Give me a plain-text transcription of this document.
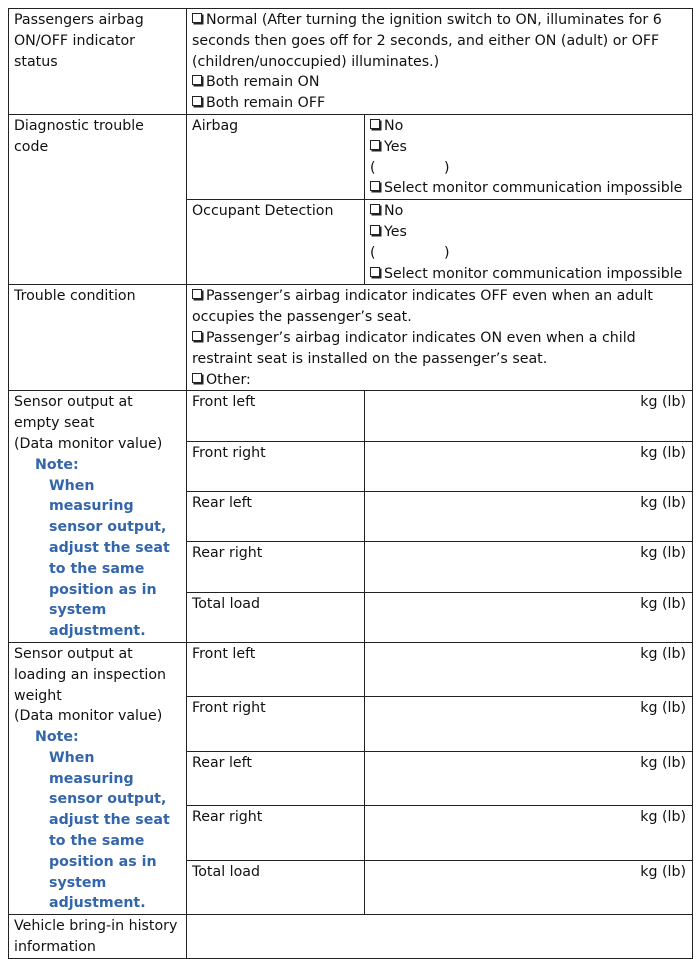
Passengers airbag ON/OFF indicator status	Normal (After turning the ignition switch to ON, illuminates for 6 seconds then goes off for 2 seconds, and either ON (adult) or OFF (children/unoccupied) illuminates.)
Both remain ON
Both remain OFF	

Diagnostic trouble code	Airbag	No
Yes
( )
Select monitor communication impossible

	Occupant Detection	No
Yes
( )
Select monitor communication impossible

Trouble condition	Passenger’s airbag indicator indicates OFF even when an adult occupies the passenger’s seat.
Passenger’s airbag indicator indicates ON even when a child restraint seat is installed on the passenger’s seat.
Other:	

Sensor output at empty seat
(Data monitor value)
Note:
When measuring sensor output, adjust the seat to the same position as in system adjustment.	Front left	kg (lb)

	Front right	kg (lb)

	Rear left	kg (lb)

	Rear right	kg (lb)

	Total load	kg (lb)

Sensor output at loading an inspection weight
(Data monitor value)
Note:
When measuring sensor output, adjust the seat to the same position as in system adjustment.	Front left	kg (lb)

	Front right	kg (lb)

	Rear left	kg (lb)

	Rear right	kg (lb)

	Total load	kg (lb)

Vehicle bring-in history information		
